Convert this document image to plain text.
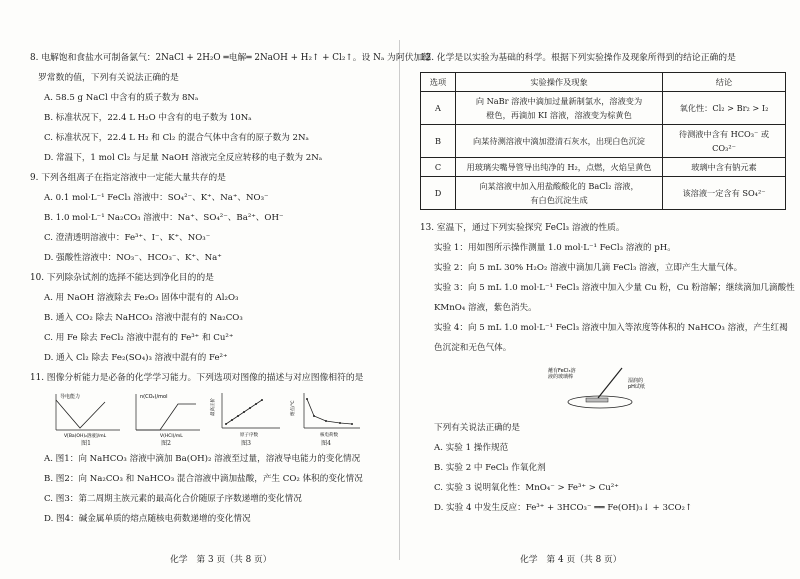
8. 电解饱和食盐水可制备氯气：2NaCl + 2H₂O ═电解═ 2NaOH + H₂↑ + Cl₂↑。设 Nₐ 为阿伏加德
罗常数的值，下列有关说法正确的是
A. 58.5 g NaCl 中含有的质子数为 8Nₐ
B. 标准状况下，22.4 L H₂O 中含有的电子数为 10Nₐ
C. 标准状况下，22.4 L H₂ 和 Cl₂ 的混合气体中含有的原子数为 2Nₐ
D. 常温下，1 mol Cl₂ 与足量 NaOH 溶液完全反应转移的电子数为 2Nₐ
9. 下列各组离子在指定溶液中一定能大量共存的是
A. 0.1 mol·L⁻¹ FeCl₃ 溶液中：SO₄²⁻、K⁺、Na⁺、NO₃⁻
B. 1.0 mol·L⁻¹ Na₂CO₃ 溶液中：Na⁺、SO₄²⁻、Ba²⁺、OH⁻
C. 澄清透明溶液中：Fe³⁺、I⁻、K⁺、NO₃⁻
D. 强酸性溶液中：NO₃⁻、HCO₃⁻、K⁺、Na⁺
10. 下列除杂试剂的选择不能达到净化目的的是
A. 用 NaOH 溶液除去 Fe₂O₃ 固体中混有的 Al₂O₃
B. 通入 CO₂ 除去 NaHCO₃ 溶液中混有的 Na₂CO₃
C. 用 Fe 除去 FeCl₂ 溶液中混有的 Fe³⁺ 和 Cu²⁺
D. 通入 Cl₂ 除去 Fe₂(SO₄)₃ 溶液中混有的 Fe²⁺
11. 图像分析能力是必备的化学学习能力。下列选项对图像的描述与对应图像相符的是
导电能力
V[Ba(OH)₂溶液]/mL
图1
n(CO₂)/mol
V(HCl)/mL
图2
最高正价
原子序数
图3
熔点/℃
核电荷数
图4
A. 图1：向 NaHCO₃ 溶液中滴加 Ba(OH)₂ 溶液至过量，溶液导电能力的变化情况
B. 图2：向 Na₂CO₃ 和 NaHCO₃ 混合溶液中滴加盐酸，产生 CO₂ 体积的变化情况
C. 图3：第二周期主族元素的最高化合价随原子序数递增的变化情况
D. 图4：碱金属单质的熔点随核电荷数递增的变化情况
化学　第 3 页（共 8 页）
12. 化学是以实验为基础的科学。根据下列实验操作及现象所得到的结论正确的是
选项	实验操作及现象	结论
A	向 NaBr 溶液中滴加过量新制氯水，溶液变为
橙色，再滴加 KI 溶液，溶液变为棕黄色	氧化性：Cl₂ > Br₂ > I₂
B	向某待测溶液中滴加澄清石灰水，出现白色沉淀	待测液中含有 HCO₃⁻ 或 CO₃²⁻
C	用玻璃尖嘴导管导出纯净的 H₂，点燃，火焰呈黄色	玻璃中含有钠元素
D	向某溶液中加入用盐酸酸化的 BaCl₂ 溶液，
有白色沉淀生成	该溶液一定含有 SO₄²⁻
13. 室温下，通过下列实验探究 FeCl₃ 溶液的性质。
实验 1：用如图所示操作测量 1.0 mol·L⁻¹ FeCl₃ 溶液的 pH。
实验 2：向 5 mL 30% H₂O₂ 溶液中滴加几滴 FeCl₃ 溶液，立即产生大量气体。
实验 3：向 5 mL 1.0 mol·L⁻¹ FeCl₃ 溶液中加入少量 Cu 粉，Cu 粉溶解；继续滴加几滴酸性
KMnO₄ 溶液，紫色消失。
实验 4：向 5 mL 1.0 mol·L⁻¹ FeCl₃ 溶液中加入等浓度等体积的 NaHCO₃ 溶液，产生红褐
色沉淀和无色气体。
蘸有FeCl₃溶
液的玻璃棒
湿润的
pH试纸
下列有关说法正确的是
A. 实验 1 操作规范
B. 实验 2 中 FeCl₃ 作氧化剂
C. 实验 3 说明氧化性：MnO₄⁻ > Fe³⁺ > Cu²⁺
D. 实验 4 中发生反应：Fe³⁺ + 3HCO₃⁻ ══ Fe(OH)₃↓ + 3CO₂↑
化学　第 4 页（共 8 页）
